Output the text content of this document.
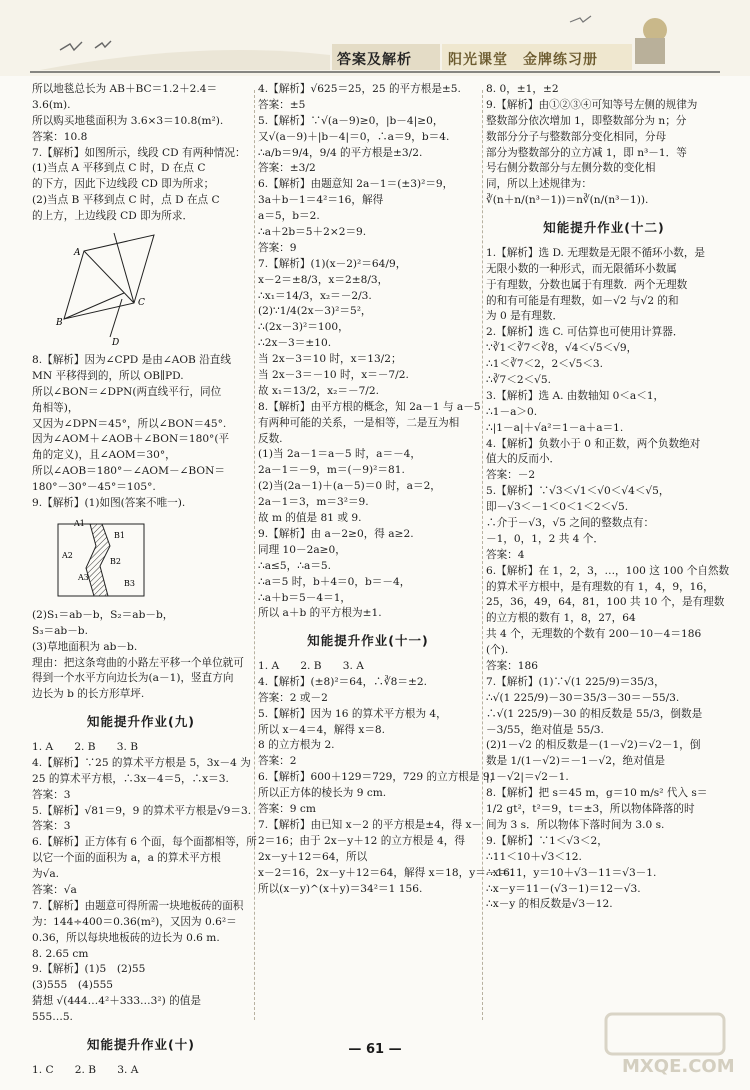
答案及解析	阳光课堂　金牌练习册

所以地毯总长为 AB＋BC＝1.2＋2.4＝

3.6(m).

所以购买地毯面积为 3.6×3＝10.8(m²).

答案：10.8

7.【解析】如图所示，线段 CD 有两种情况：

(1)当点 A 平移到点 C 时，D 在点 C

的下方，因此下边线段 CD 即为所求；

(2)当点 B 平移到点 C 时，点 D 在点 C

的上方，上边线段 CD 即为所求．

A
B
C
D

8.【解析】因为∠CPD 是由∠AOB 沿直线

MN 平移得到的，所以 OB∥PD.

所以∠BON＝∠DPN(两直线平行，同位

角相等)，

又因为∠DPN＝45°，所以∠BON＝45°.

因为∠AOM＋∠AOB＋∠BON＝180°(平

角的定义)，且∠AOM＝30°，

所以∠AOB＝180°－∠AOM－∠BON＝

180°－30°－45°＝105°.

9.【解析】(1)如图(答案不唯一).

A1
A2
A3
B1
B2
B3

(2)S₁＝ab－b，S₂＝ab－b，

S₃＝ab－b.

(3)草地面积为 ab－b.

理由：把这条弯曲的小路左平移一个单位就可

得到一个水平方向边长为(a－1)，竖直方向

边长为 b 的长方形草坪.

知能提升作业(九)

1. A　　2. B　　3. B

4.【解析】∵25 的算术平方根是 5，3x－4 为

25 的算术平方根，∴3x－4＝5，∴x＝3.

答案：3

5.【解析】√81＝9，9 的算术平方根是√9＝3.

答案：3

6.【解析】正方体有 6 个面，每个面都相等，所

以它一个面的面积为 a，a 的算术平方根

为√a.

答案：√a

7.【解析】由题意可得所需一块地板砖的面积

为：144÷400＝0.36(m²)，又因为 0.6²＝

0.36，所以每块地板砖的边长为 0.6 m.

8. 2.65 cm

9.【解析】(1)5　(2)55

(3)555　(4)555

猜想 √(444…4²＋333…3²) 的值是

555…5.

知能提升作业(十)

1. C　　2. B　　3. A

4.【解析】√625＝25，25 的平方根是±5.

答案：±5

5.【解析】∵√(a－9)≥0，|b－4|≥0，

又√(a－9)＋|b－4|＝0，∴a＝9，b＝4.

∴a/b＝9/4，9/4 的平方根是±3/2.

答案：±3/2

6.【解析】由题意知 2a－1＝(±3)²＝9，

3a＋b－1＝4²＝16，解得

a＝5，b＝2.

∴a＋2b＝5＋2×2＝9.

答案：9

7.【解析】(1)(x－2)²＝64/9，

x－2＝±8/3，x＝2±8/3，

∴x₁＝14/3，x₂＝－2/3.

(2)∵1/4(2x－3)²＝5²，

∴(2x－3)²＝100，

∴2x－3＝±10.

当 2x－3＝10 时，x＝13/2；

当 2x－3＝－10 时，x＝－7/2.

故 x₁＝13/2，x₂＝－7/2.

8.【解析】由平方根的概念，知 2a－1 与 a－5

有两种可能的关系，一是相等，二是互为相

反数.

(1)当 2a－1＝a－5 时，a＝－4，

2a－1＝－9，m＝(－9)²＝81.

(2)当(2a－1)＋(a－5)＝0 时，a＝2，

2a－1＝3，m＝3²＝9.

故 m 的值是 81 或 9.

9.【解析】由 a－2≥0，得 a≥2.

同理 10－2a≥0，

∴a≤5，∴a＝5.

∴a＝5 时，b＋4＝0，b＝－4，

∴a＋b＝5－4＝1，

所以 a＋b 的平方根为±1.

知能提升作业(十一)

1. A　　2. B　　3. A

4.【解析】(±8)²＝64，∴∛8＝±2.

答案：2 或－2

5.【解析】因为 16 的算术平方根为 4，

所以 x－4＝4，解得 x＝8.

8 的立方根为 2.

答案：2

6.【解析】600＋129＝729，729 的立方根是 9，

所以正方体的棱长为 9 cm.

答案：9 cm

7.【解析】由已知 x－2 的平方根是±4，得 x－

2＝16；由于 2x－y＋12 的立方根是 4，得

2x－y＋12＝64，所以

x－2＝16，2x－y＋12＝64，解得 x＝18，y＝－16.

所以(x－y)^(x＋y)＝34²＝1 156.

8. 0，±1，±2

9.【解析】由①②③④可知等号左侧的规律为

整数部分依次增加 1，即整数部分为 n；分

数部分分子与整数部分变化相同，分母

部分为整数部分的立方减 1，即 n³－1．等

号右侧分数部分与左侧分数的变化相

同，所以上述规律为：

∛(n＋n/(n³－1))＝n∛(n/(n³－1)).

知能提升作业(十二)

1.【解析】选 D. 无理数是无限不循环小数，是

无限小数的一种形式，而无限循环小数属

于有理数，分数也属于有理数．两个无理数

的和有可能是有理数，如－√2 与√2 的和

为 0 是有理数．

2.【解析】选 C. 可估算也可使用计算器．

∵∛1＜∛7＜∛8，√4＜√5＜√9，

∴1＜∛7＜2，2＜√5＜3.

∴∛7＜2＜√5.

3.【解析】选 A. 由数轴知 0＜a＜1，

∴1－a＞0.

∴|1－a|＋√a²＝1－a＋a＝1.

4.【解析】负数小于 0 和正数，两个负数绝对

值大的反而小．

答案：－2

5.【解析】∵√3＜√1＜√0＜√4＜√5，

即－√3＜－1＜0＜1＜2＜√5.

∴介于－√3，√5 之间的整数点有：

－1，0，1，2 共 4 个．

答案：4

6.【解析】在 1，2，3，…，100 这 100 个自然数

的算术平方根中，是有理数的有 1，4，9，16，

25，36，49，64，81，100 共 10 个，是有理数

的立方根的数有 1，8，27，64

共 4 个，无理数的个数有 200－10－4＝186

(个).

答案：186

7.【解析】(1)∵√(1 225/9)＝35/3，

∴√(1 225/9)－30＝35/3－30＝－55/3.

∴√(1 225/9)－30 的相反数是 55/3，倒数是

－3/55，绝对值是 55/3.

(2)1－√2 的相反数是－(1－√2)＝√2－1，倒

数是 1/(1－√2)＝－1－√2，绝对值是

|1－√2|＝√2－1.

8.【解析】把 s＝45 m，g＝10 m/s² 代入 s＝

1/2 gt²，t²＝9，t＝±3，所以物体降落的时

间为 3 s．所以物体下落时间为 3.0 s.

9.【解析】∵1＜√3＜2，

∴11＜10＋√3＜12.

∴x＝11，y＝10＋√3－11＝√3－1.

∴x－y＝11－(√3－1)＝12－√3.

∴x－y 的相反数是√3－12.

MXQE.COM
— 61 —
